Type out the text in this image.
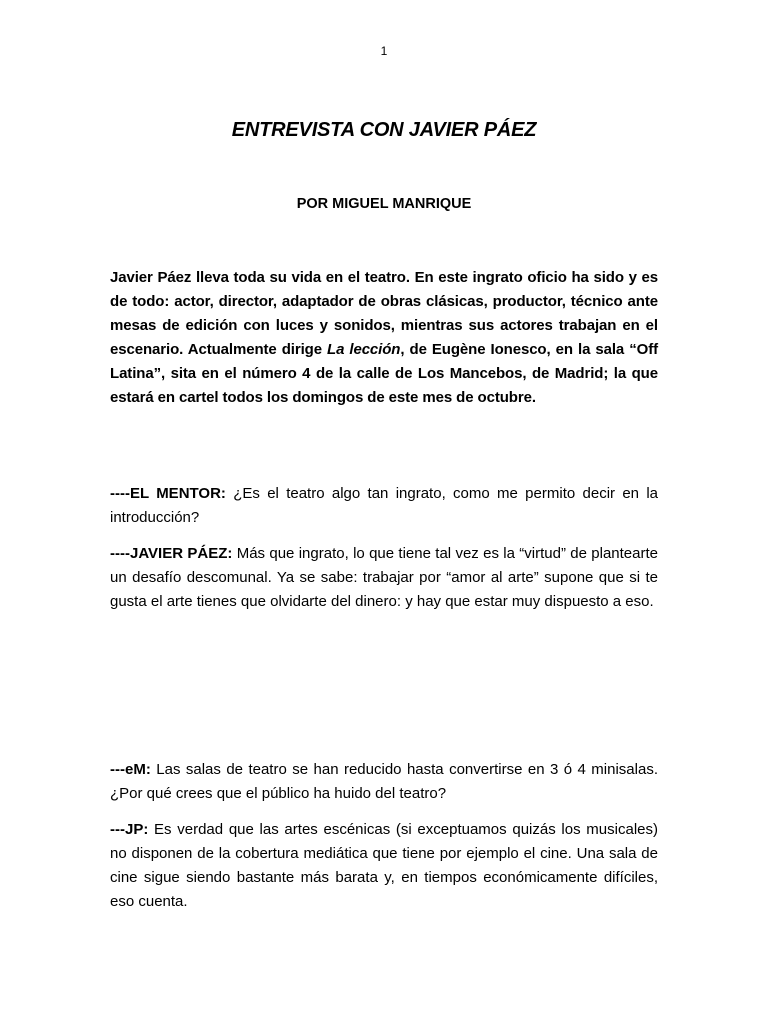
1
ENTREVISTA CON JAVIER PÁEZ
POR MIGUEL MANRIQUE

Javier Páez lleva toda su vida en el teatro. En este ingrato oficio ha sido y es de todo: actor, director, adaptador de obras clásicas, productor, técnico ante mesas de edición con luces y sonidos, mientras sus actores trabajan en el escenario. Actualmente dirige La lección, de Eugène Ionesco, en la sala “Off Latina”, sita en el número 4 de la calle de Los Mancebos, de Madrid; la que estará en cartel todos los domingos de este mes de octubre.

----EL MENTOR: ¿Es el teatro algo tan ingrato, como me permito decir en la introducción?

----JAVIER PÁEZ: Más que ingrato, lo que tiene tal vez es la “virtud” de plantearte un desafío descomunal. Ya se sabe: trabajar por “amor al arte” supone que si te gusta el arte tienes que olvidarte del dinero: y hay que estar muy dispuesto a eso.

---eM: Las salas de teatro se han reducido hasta convertirse en 3 ó 4 minisalas. ¿Por qué crees que el público ha huido del teatro?

---JP: Es verdad que las artes escénicas (si exceptuamos quizás los musicales) no disponen de la cobertura mediática que tiene por ejemplo el cine. Una sala de cine sigue siendo bastante más barata y, en tiempos económicamente difíciles, eso cuenta.
